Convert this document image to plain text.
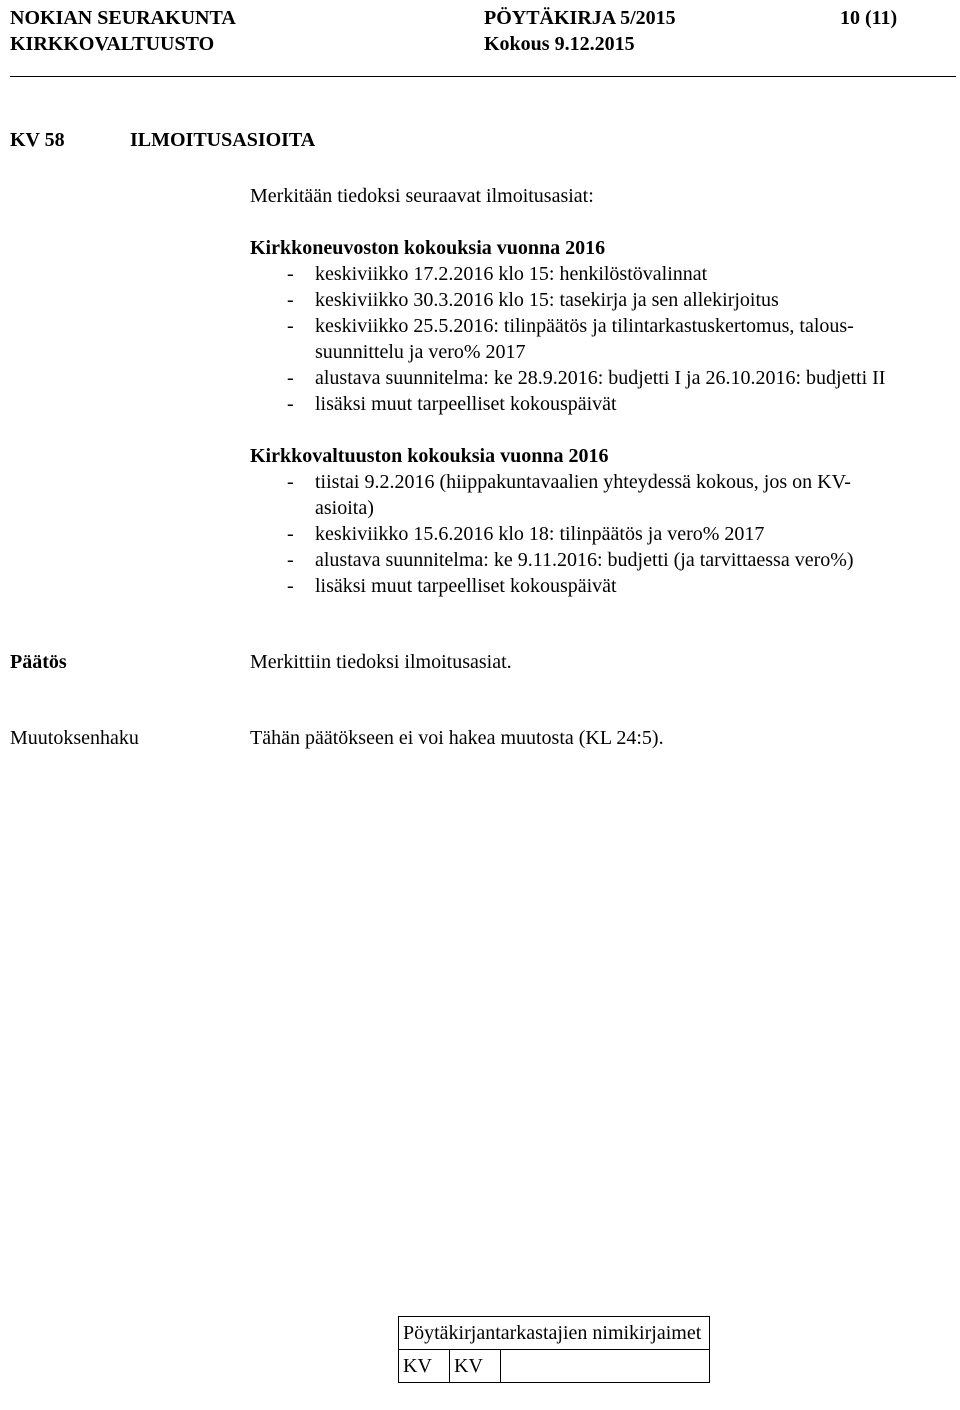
NOKIAN SEURAKUNTA	PÖYTÄKIRJA 5/2015	10 (11)
KIRKKOVALTUUSTO	Kokous 9.12.2015
KV 58	ILMOITUSASIOITA
Merkitään tiedoksi seuraavat ilmoitusasiat:
Kirkkoneuvoston kokouksia vuonna 2016
- keskiviikko 17.2.2016 klo 15: henkilöstövalinnat
- keskiviikko 30.3.2016 klo 15: tasekirja ja sen allekirjoitus
- keskiviikko 25.5.2016: tilinpäätös ja tilintarkastuskertomus, talous-
suunnittelu ja vero% 2017
- alustava suunnitelma: ke 28.9.2016: budjetti I ja 26.10.2016: budjetti II
- lisäksi muut tarpeelliset kokouspäivät
Kirkkovaltuuston kokouksia vuonna 2016
- tiistai 9.2.2016 (hiippakuntavaalien yhteydessä kokous, jos on KV-
asioita)
- keskiviikko 15.6.2016 klo 18: tilinpäätös ja vero% 2017
- alustava suunnitelma: ke 9.11.2016: budjetti (ja tarvittaessa vero%)
- lisäksi muut tarpeelliset kokouspäivät
Päätös	Merkittiin tiedoksi ilmoitusasiat.
Muutoksenhaku	Tähän päätökseen ei voi hakea muutosta (KL 24:5).
Pöytäkirjantarkastajien nimikirjaimet
KV	KV	
